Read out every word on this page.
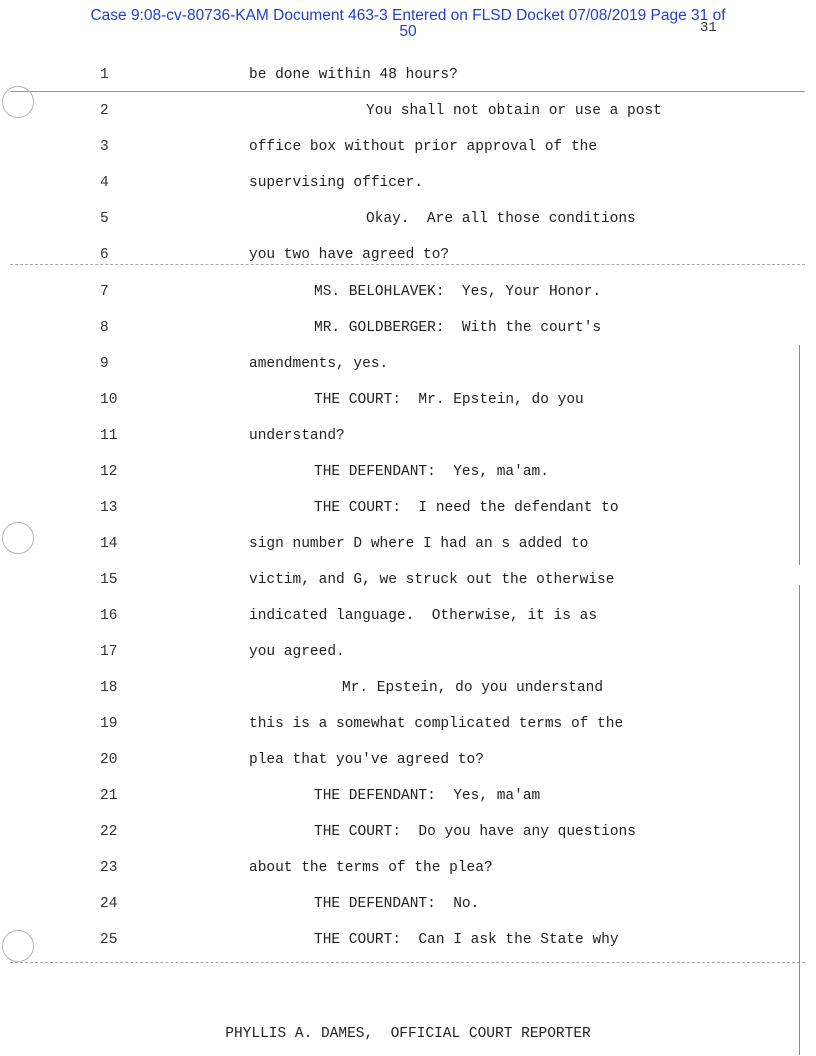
Case 9:08-cv-80736-KAM Document 463-3 Entered on FLSD Docket 07/08/2019 Page 31 of
50	31
1	be done within 48 hours?
2	You shall not obtain or use a post
3	office box without prior approval of the
4	supervising officer.
5	Okay.  Are all those conditions
6	you two have agreed to?
7	MS. BELOHLAVEK:  Yes, Your Honor.
8	MR. GOLDBERGER:  With the court's
9	amendments, yes.
10	THE COURT:  Mr. Epstein, do you
11	understand?
12	THE DEFENDANT:  Yes, ma'am.
13	THE COURT:  I need the defendant to
14	sign number D where I had an s added to
15	victim, and G, we struck out the otherwise
16	indicated language.  Otherwise, it is as
17	you agreed.
18	Mr. Epstein, do you understand
19	this is a somewhat complicated terms of the
20	plea that you've agreed to?
21	THE DEFENDANT:  Yes, ma'am
22	THE COURT:  Do you have any questions
23	about the terms of the plea?
24	THE DEFENDANT:  No.
25	THE COURT:  Can I ask the State why
PHYLLIS A. DAMES,  OFFICIAL COURT REPORTER
